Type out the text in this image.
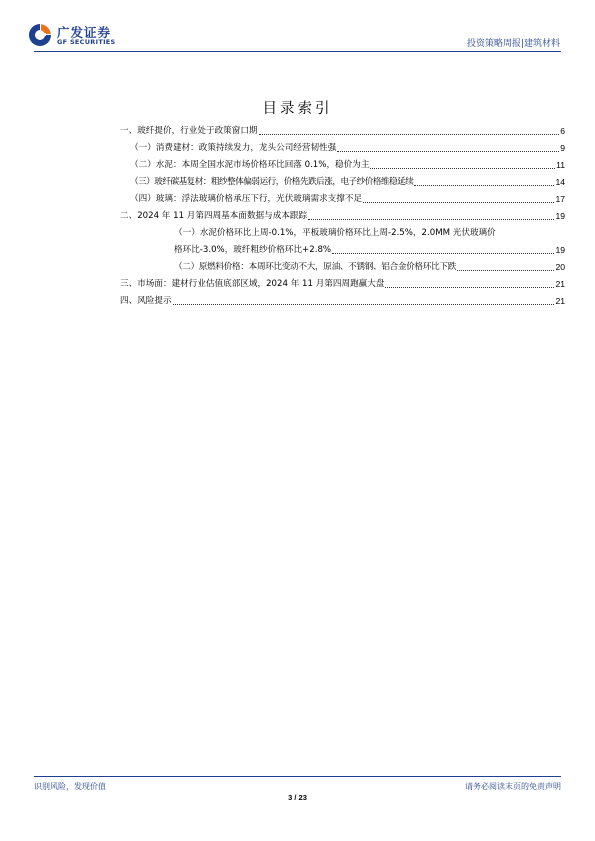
广发证券
GF SECURITIES	投资策略周报|建筑材料
目录索引
一、玻纤提价，行业处于政策窗口期	6
（一）消费建材：政策持续发力，龙头公司经营韧性强	9
（二）水泥：本周全国水泥市场价格环比回落 0.1%，稳价为主	11
（三）玻纤碳基复材：粗纱整体偏弱运行，价格先跌后涨，电子纱价格维稳延续	14
（四）玻璃：浮法玻璃价格承压下行，光伏玻璃需求支撑不足	17
二、2024 年 11 月第四周基本面数据与成本跟踪	19
（一）水泥价格环比上周-0.1%，平板玻璃价格环比上周-2.5%，2.0MM 光伏玻璃价
格环比-3.0%，玻纤粗纱价格环比+2.8%	19
（二）原燃料价格：本周环比变动不大，原油、不锈钢、铝合金价格环比下跌	20
三、市场面：建材行业估值底部区域，2024 年 11 月第四周跑赢大盘	21
四、风险提示	21
识别风险，发现价值	请务必阅读末页的免责声明
3 / 23
